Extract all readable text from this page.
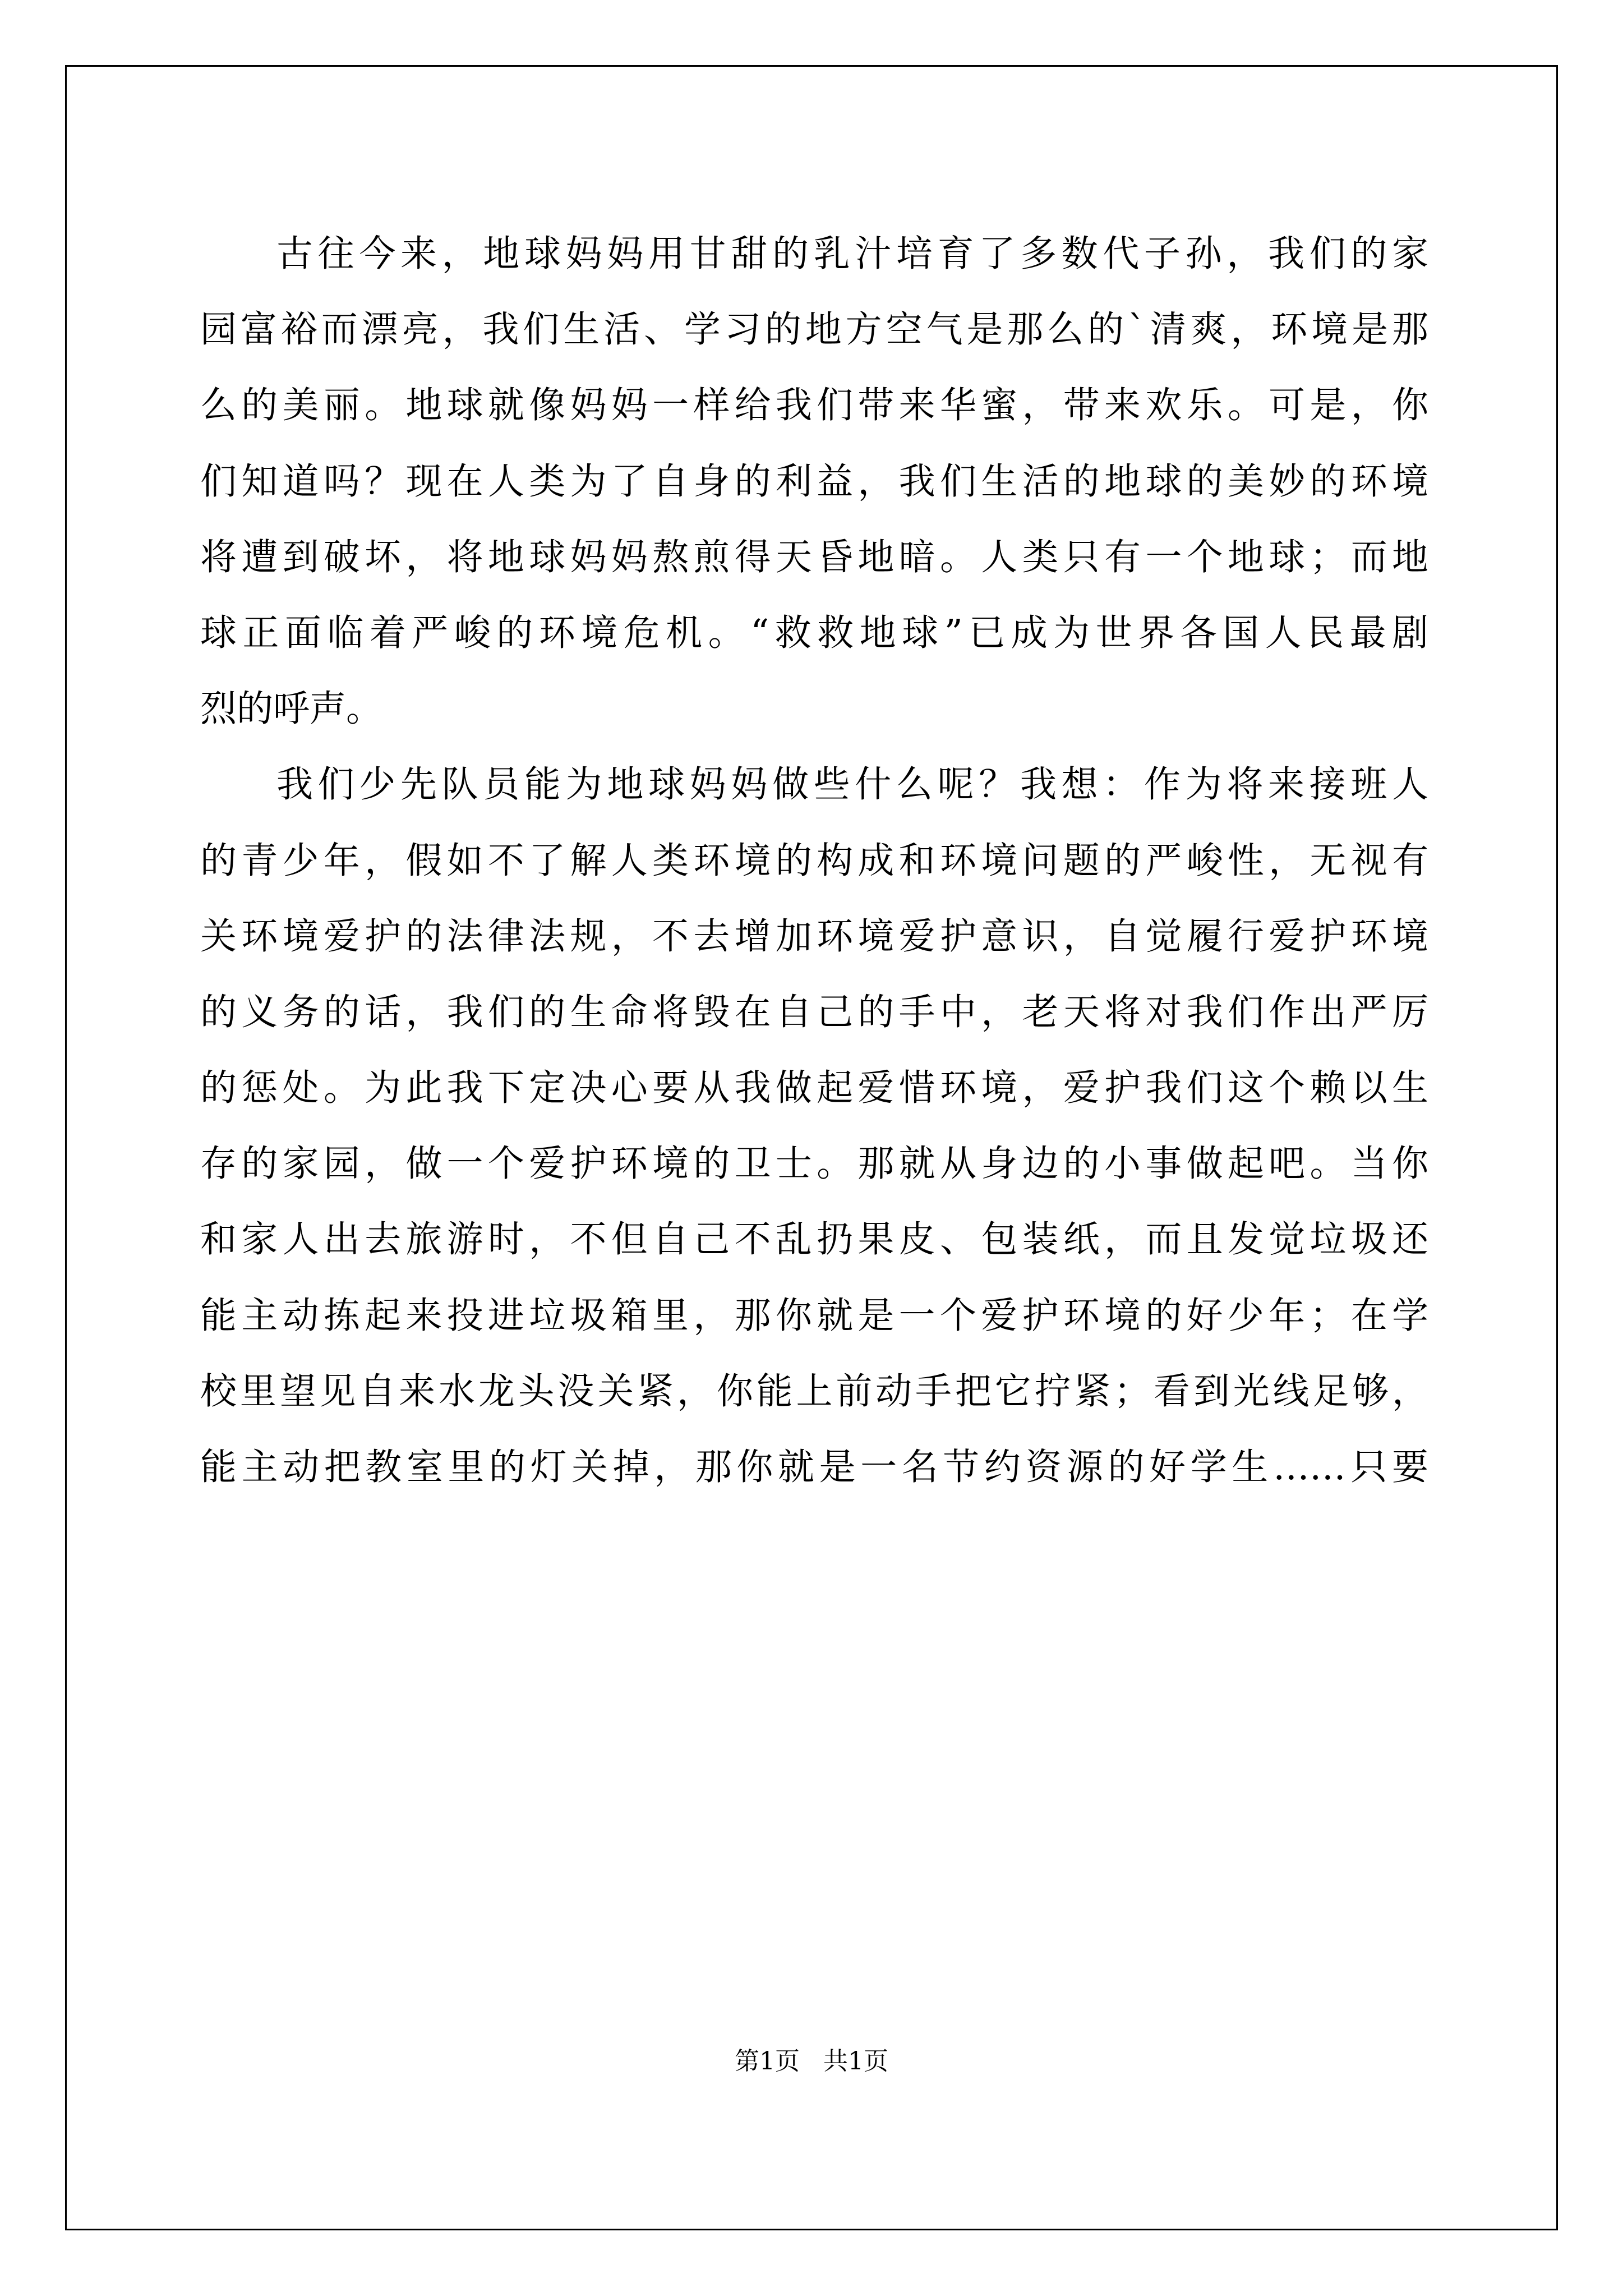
古往今来，地球妈妈用甘甜的乳汁培育了多数代子孙，我们的家
园富裕而漂亮，我们生活、学习的地方空气是那么的`清爽，环境是那
么的美丽。地球就像妈妈一样给我们带来华蜜，带来欢乐。可是，你
们知道吗？现在人类为了自身的利益，我们生活的地球的美妙的环境
将遭到破坏，将地球妈妈熬煎得天昏地暗。人类只有一个地球；而地
球正面临着严峻的环境危机。“救救地球”已成为世界各国人民最剧
烈的呼声。
我们少先队员能为地球妈妈做些什么呢？我想：作为将来接班人
的青少年，假如不了解人类环境的构成和环境问题的严峻性，无视有
关环境爱护的法律法规，不去增加环境爱护意识，自觉履行爱护环境
的义务的话，我们的生命将毁在自己的手中，老天将对我们作出严厉
的惩处。为此我下定决心要从我做起爱惜环境，爱护我们这个赖以生
存的家园，做一个爱护环境的卫士。那就从身边的小事做起吧。当你
和家人出去旅游时，不但自己不乱扔果皮、包装纸，而且发觉垃圾还
能主动拣起来投进垃圾箱里，那你就是一个爱护环境的好少年；在学
校里望见自来水龙头没关紧，你能上前动手把它拧紧；看到光线足够，
能主动把教室里的灯关掉，那你就是一名节约资源的好学生……只要
第1页   共1页
